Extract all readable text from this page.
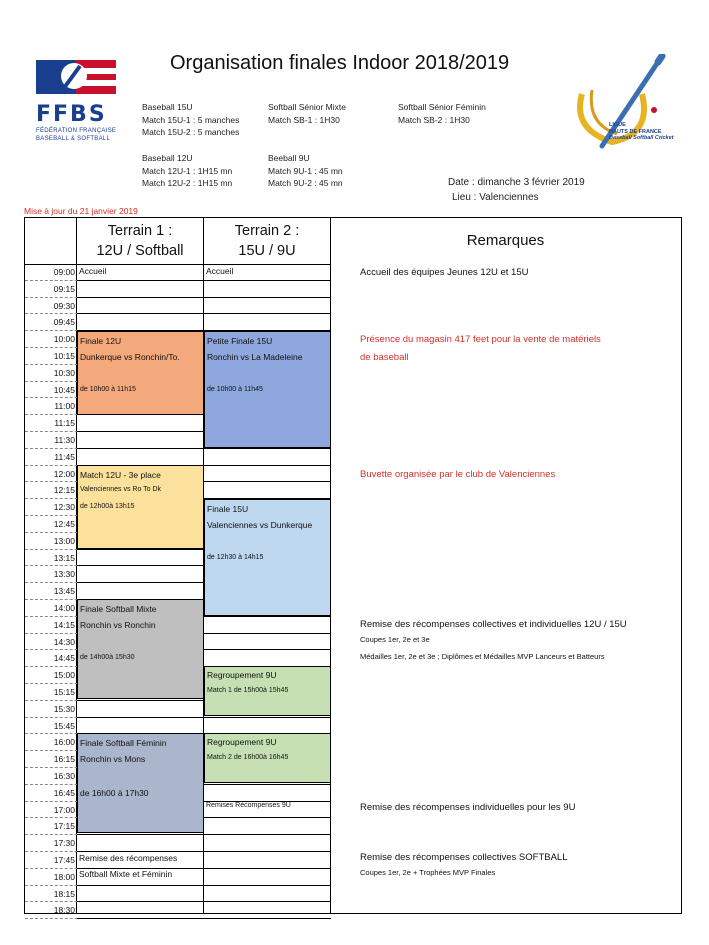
Organisation finales Indoor 2018/2019
FFBS
FÉDÉRATION FRANÇAISE
BASEBALL & SOFTBALL
LIGUE
HAUTS DE FRANCE
Baseball Softball Cricket
Baseball 15U
Match 15U-1 : 5 manches
Match 15U-2 : 5 manches
Softball Sénior Mixte
Match SB-1 : 1H30
Softball Sénior Féminin
Match SB-2 : 1H30
Baseball 12U
Match 12U-1 : 1H15 mn
Match 12U-2 : 1H15 mn
Beeball 9U
Match 9U-1 : 45 mn
Match 9U-2 : 45 mn	Date : dimanche 3 février 2019
Lieu : Valenciennes
Mise à jour du 21 janvier 2019
Terrain 1 :
12U / Softball
Terrain 2 :
15U / 9U
Remarques
09:00
09:15
09:30
09:45
10:00
10:15
10:30
10:45
11:00
11:15
11:30
11:45
12:00
12:15
12:30
12:45
13:00
13:15
13:30
13:45
14:00
14:15
14:30
14:45
15:00
15:15
15:30
15:45
16:00
16:15
16:30
16:45
17:00
17:15
17:30
17:45
18:00
18:15
18:30
Accueil
Finale 12U
Dunkerque vs Ronchin/To.
de 10h00 à 11h15
Match 12U - 3e place
Valenciennes vs Ro To Dk
de 12h00à 13h15
Finale Softball Mixte
Ronchin vs Ronchin
de 14h00à 15h30
Finale Softball Féminin
Ronchin vs Mons
de 16h00 à 17h30
Remise des récompenses
Softball Mixte et Féminin
Accueil
Petite Finale 15U
Ronchin vs La Madeleine
de 10h00 à 11h45
Finale 15U
Valenciennes vs Dunkerque
de 12h30 à 14h15
Regroupement 9U
Match 1 de 15h00à 15h45
Regroupement 9U
Match 2 de 16h00à 16h45
Remises Récompenses 9U
Accueil des équipes Jeunes 12U et 15U
Présence du magasin 417 feet pour la vente de matériels
de baseball
Buvette organisée par le club de Valenciennes
Remise des récompenses collectives et individuelles 12U / 15U
Coupes 1er, 2e et 3e
Médailles 1er, 2e et 3e ; Diplômes et Médailles MVP Lanceurs et Batteurs
Remise des récompenses individuelles pour les 9U
Remise des récompenses collectives SOFTBALL
Coupes 1er, 2e + Trophées MVP Finales
